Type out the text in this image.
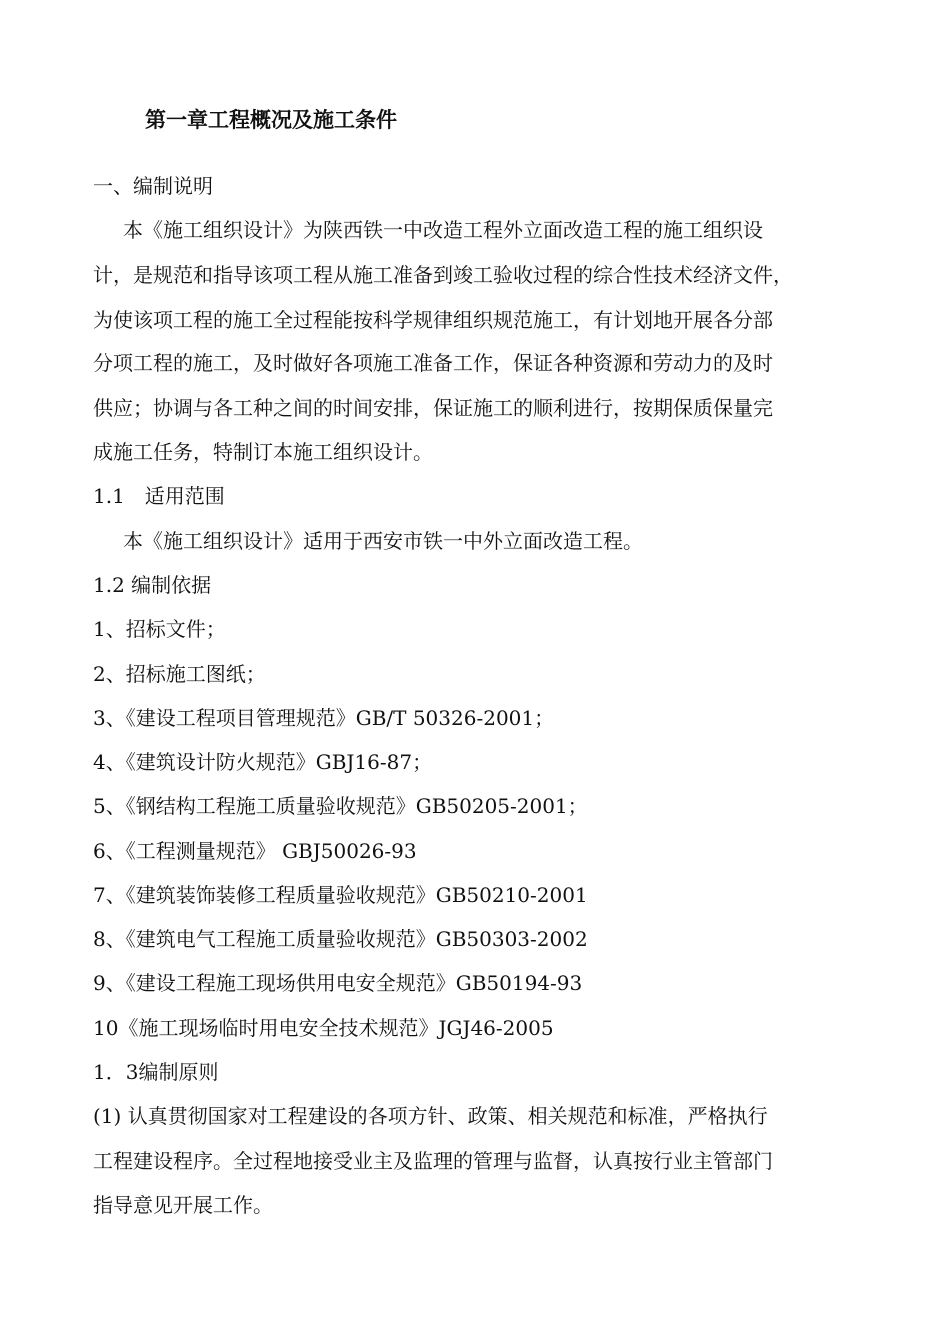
第一章工程概况及施工条件
一、编制说明
本《施工组织设计》为陕西铁一中改造工程外立面改造工程的施工组织设
计，是规范和指导该项工程从施工准备到竣工验收过程的综合性技术经济文件，
为使该项工程的施工全过程能按科学规律组织规范施工，有计划地开展各分部
分项工程的施工，及时做好各项施工准备工作，保证各种资源和劳动力的及时
供应；协调与各工种之间的时间安排，保证施工的顺利进行，按期保质保量完
成施工任务，特制订本施工组织设计。
1.1　适用范围
本《施工组织设计》适用于西安市铁一中外立面改造工程。
1.2 编制依据
1、招标文件；
2、招标施工图纸；
3、《建设工程项目管理规范》GB/T 50326-2001；
4、《建筑设计防火规范》GBJ16-87；
5、《钢结构工程施工质量验收规范》GB50205-2001；
6、《工程测量规范》 GBJ50026-93
7、《建筑装饰装修工程质量验收规范》GB50210-2001
8、《建筑电气工程施工质量验收规范》GB50303-2002
9、《建设工程施工现场供用电安全规范》GB50194-93
10《施工现场临时用电安全技术规范》JGJ46-2005
1．3编制原则
(1) 认真贯彻国家对工程建设的各项方针、政策、相关规范和标准，严格执行
工程建设程序。全过程地接受业主及监理的管理与监督，认真按行业主管部门
指导意见开展工作。
